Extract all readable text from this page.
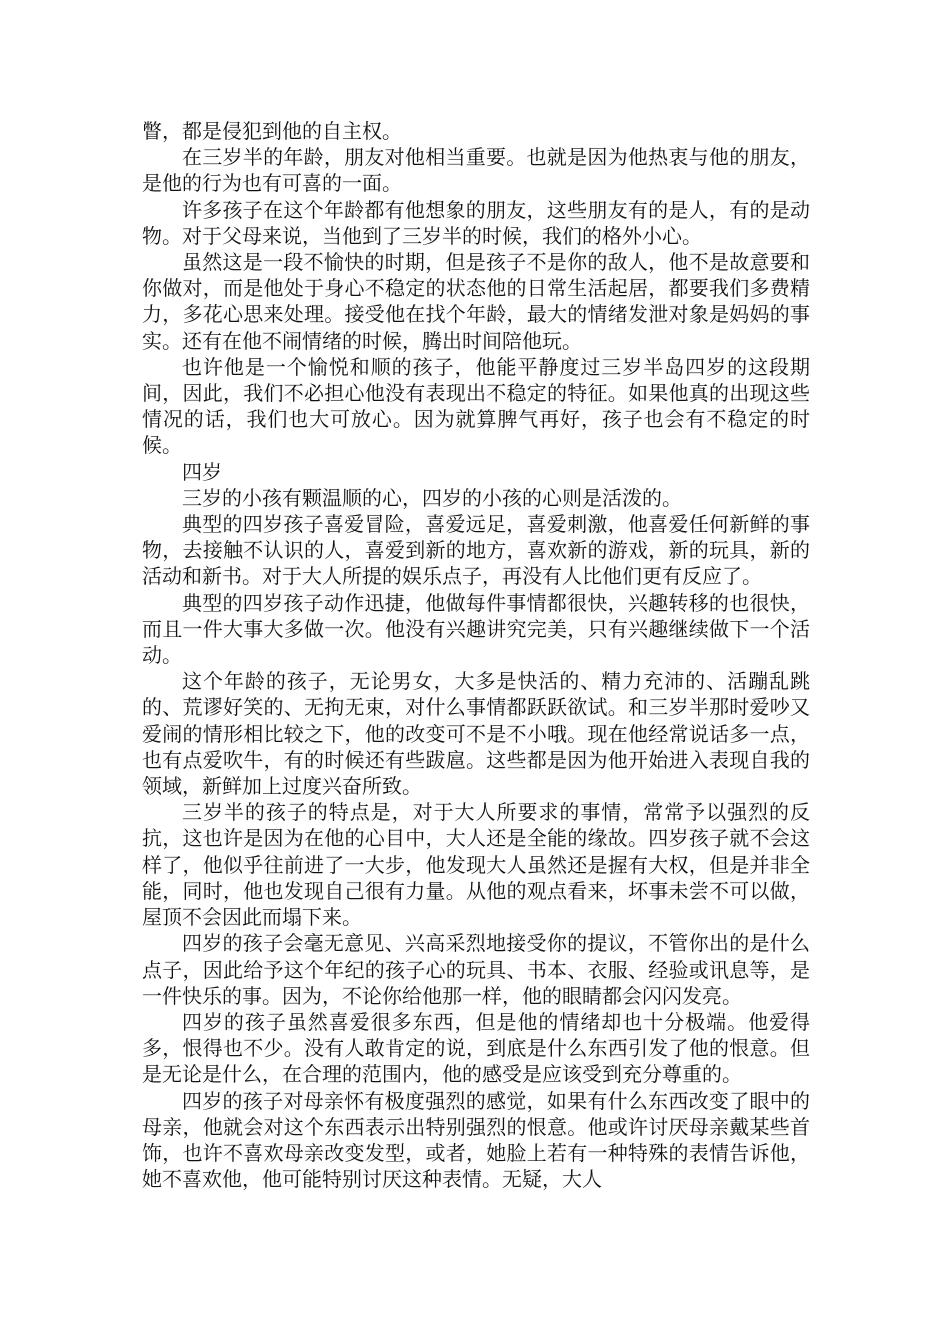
瞥，都是侵犯到他的自主权。

在三岁半的年龄，朋友对他相当重要。也就是因为他热衷与他的朋友，是他的行为也有可喜的一面。

许多孩子在这个年龄都有他想象的朋友，这些朋友有的是人，有的是动物。对于父母来说，当他到了三岁半的时候，我们的格外小心。

虽然这是一段不愉快的时期，但是孩子不是你的敌人，他不是故意要和你做对，而是他处于身心不稳定的状态他的日常生活起居，都要我们多费精力，多花心思来处理。接受他在找个年龄，最大的情绪发泄对象是妈妈的事实。还有在他不闹情绪的时候，腾出时间陪他玩。

也许他是一个愉悦和顺的孩子，他能平静度过三岁半岛四岁的这段期间，因此，我们不必担心他没有表现出不稳定的特征。如果他真的出现这些情况的话，我们也大可放心。因为就算脾气再好，孩子也会有不稳定的时候。

四岁

三岁的小孩有颗温顺的心，四岁的小孩的心则是活泼的。

典型的四岁孩子喜爱冒险，喜爱远足，喜爱刺激，他喜爱任何新鲜的事物，去接触不认识的人，喜爱到新的地方，喜欢新的游戏，新的玩具，新的活动和新书。对于大人所提的娱乐点子，再没有人比他们更有反应了。

典型的四岁孩子动作迅捷，他做每件事情都很快，兴趣转移的也很快，而且一件大事大多做一次。他没有兴趣讲究完美，只有兴趣继续做下一个活动。

这个年龄的孩子，无论男女，大多是快活的、精力充沛的、活蹦乱跳的、荒谬好笑的、无拘无束，对什么事情都跃跃欲试。和三岁半那时爱吵又爱闹的情形相比较之下，他的改变可不是不小哦。现在他经常说话多一点，也有点爱吹牛，有的时候还有些跋扈。这些都是因为他开始进入表现自我的领域，新鲜加上过度兴奋所致。

三岁半的孩子的特点是，对于大人所要求的事情，常常予以强烈的反抗，这也许是因为在他的心目中，大人还是全能的缘故。四岁孩子就不会这样了，他似乎往前进了一大步，他发现大人虽然还是握有大权，但是并非全能，同时，他也发现自己很有力量。从他的观点看来，坏事未尝不可以做，屋顶不会因此而塌下来。

四岁的孩子会毫无意见、兴高采烈地接受你的提议，不管你出的是什么点子，因此给予这个年纪的孩子心的玩具、书本、衣服、经验或讯息等，是一件快乐的事。因为，不论你给他那一样，他的眼睛都会闪闪发亮。

四岁的孩子虽然喜爱很多东西，但是他的情绪却也十分极端。他爱得多，恨得也不少。没有人敢肯定的说，到底是什么东西引发了他的恨意。但是无论是什么，在合理的范围内，他的感受是应该受到充分尊重的。

四岁的孩子对母亲怀有极度强烈的感觉，如果有什么东西改变了眼中的母亲，他就会对这个东西表示出特别强烈的恨意。他或许讨厌母亲戴某些首饰，也许不喜欢母亲改变发型，或者，她脸上若有一种特殊的表情告诉他，她不喜欢他，他可能特别讨厌这种表情。无疑，大人
